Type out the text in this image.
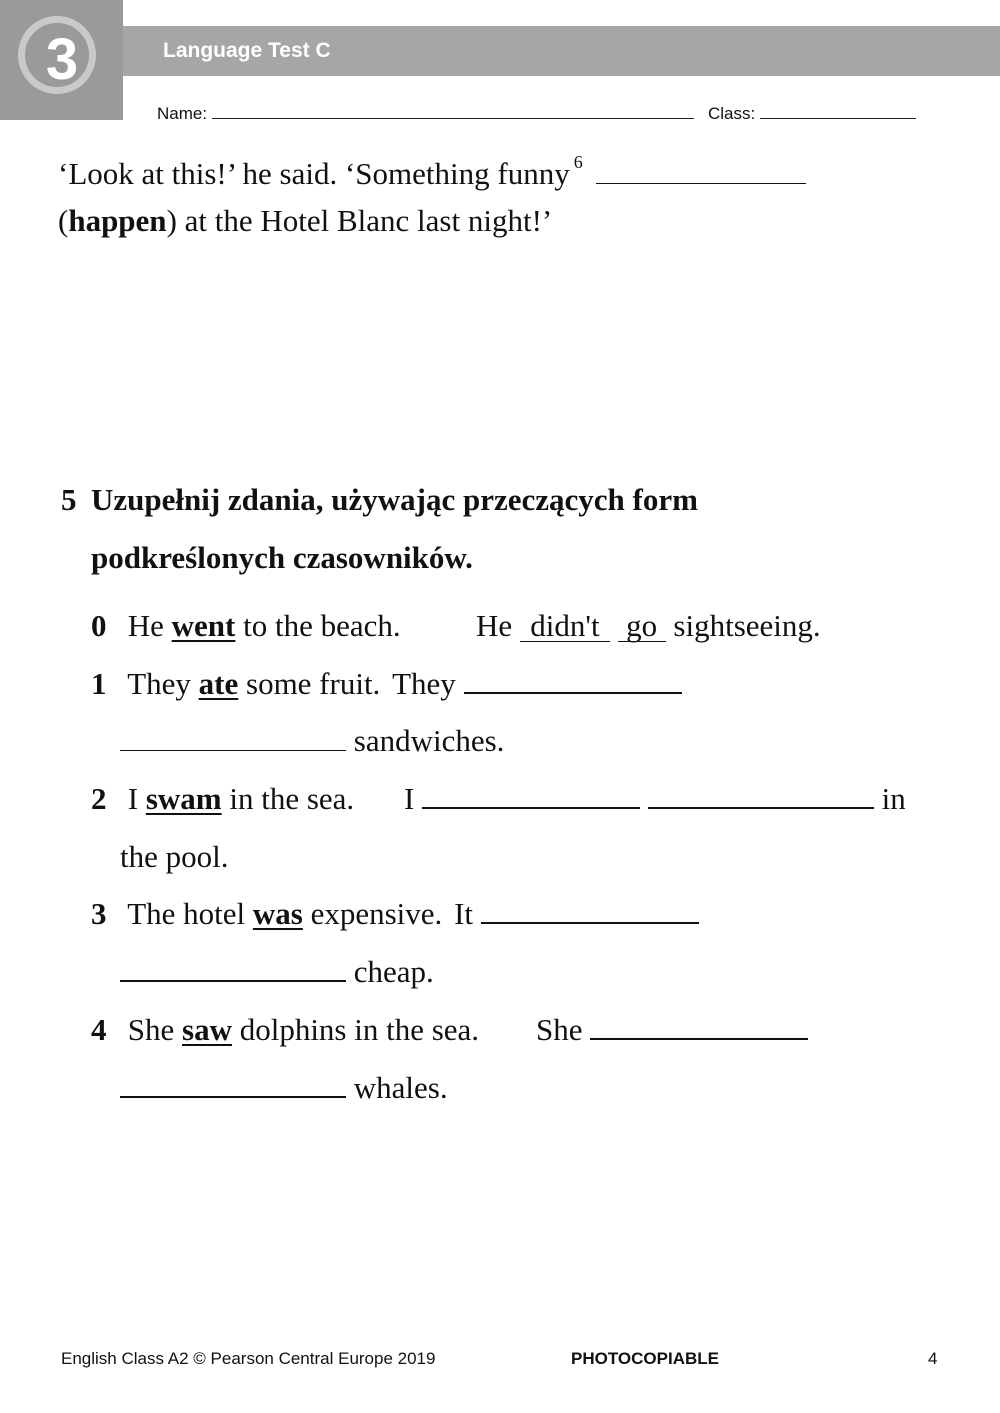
3	Language Test C
Name:	Class:
‘Look at this!’ he said. ‘Something funny $^6$
(happen) at the Hotel Blanc last night!’
5 Uzupełnij zdania, używając przeczących form
podkreślonych czasowników.
0 He went to the beach. He didn't go sightseeing.
1 They ate some fruit. They
sandwiches.
2 I swam in the sea. I	in
the pool.
3 The hotel was expensive. It
cheap.
4 She saw dolphins in the sea. She
whales.
English Class A2 © Pearson Central Europe 2019	PHOTOCOPIABLE	4
